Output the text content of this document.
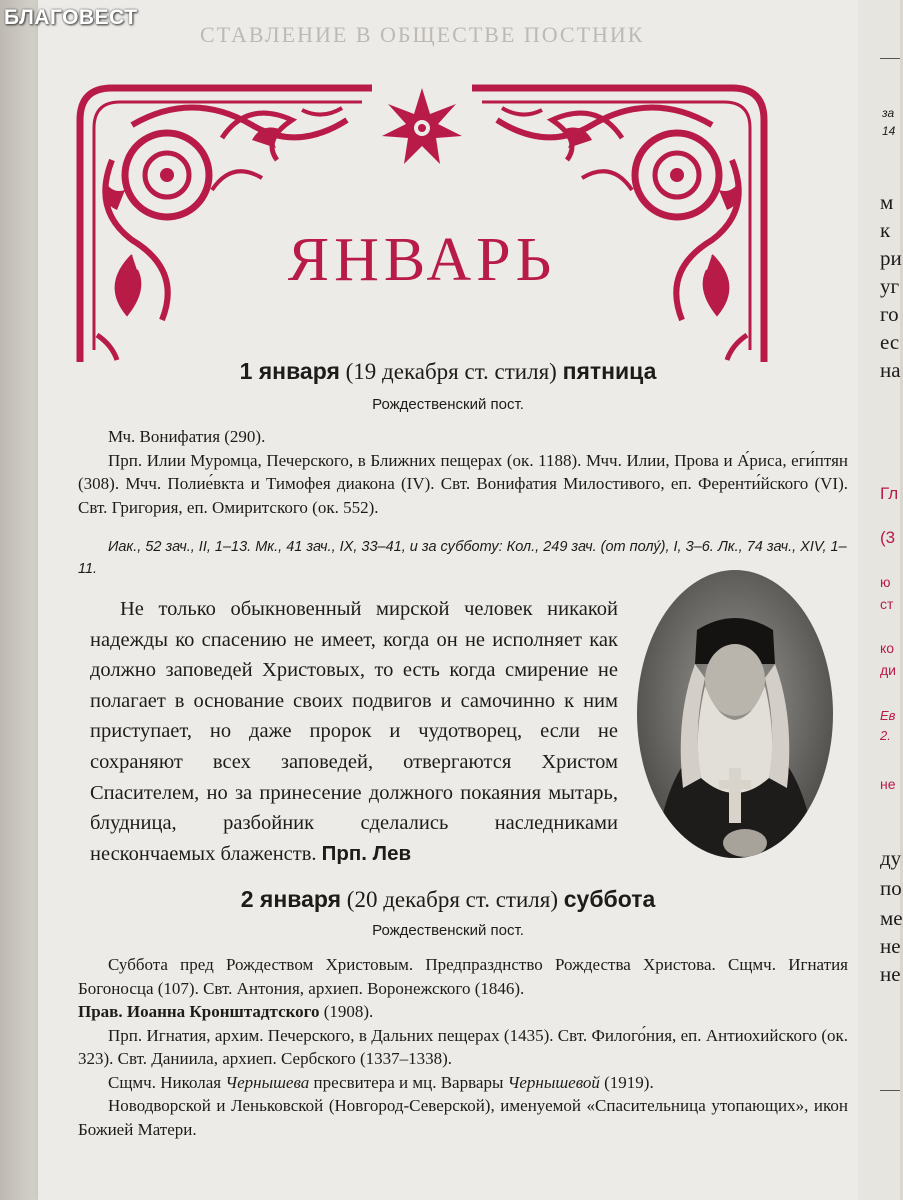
БЛАГОВЕСТ
СТАВЛЕНИЕ В ОБЩЕСТВЕ ПОСТНИК
ЯНВАРЬ
1 января (19 декабря ст. стиля) пятница
Рождественский пост.

Мч. Вонифатия (290).

Прп. Илии Муромца, Печерского, в Ближних пещерах (ок. 1188). Мчч. Илии, Прова и А́риса, еги́птян (308). Мчч. Полие́вкта и Тимофея диакона (IV). Свт. Вонифатия Милостивого, еп. Ференти́йского (VI). Свт. Григория, еп. Омиритского (ок. 552).

Иак., 52 зач., II, 1–13. Мк., 41 зач., IX, 33–41, и за субботу: Кол., 249 зач. (от полу́), I, 3–6. Лк., 74 зач., XIV, 1–11.

Не только обыкновенный мирской человек никакой надежды ко спасению не имеет, когда он не исполняет как должно заповедей Христовых, то есть когда смирение не полагает в основание своих подвигов и самочинно к ним приступает, но даже пророк и чудотворец, если не сохраняют всех заповедей, отвергаются Христом Спасителем, но за принесение должного покаяния мытарь, блудница, разбойник сделались наследниками нескончаемых блаженств. Прп. Лев
2 января (20 декабря ст. стиля) суббота
Рождественский пост.

Суббота пред Рождеством Христовым. Предпразднство Рождества Христова. Сщмч. Игнатия Богоносца (107). Свт. Антония, архиеп. Воронежского (1846).
Прав. Иоанна Кронштадтского (1908).

Прп. Игнатия, архим. Печерского, в Дальних пещерах (1435). Свт. Филого́ния, еп. Антиохийского (ок. 323). Свт. Даниила, архиеп. Сербского (1337–1338).

Сщмч. Николая Чернышева пресвитера и мц. Варвары Чернышевой (1919).

Новодворской и Леньковской (Новгород-Северской), именуемой «Спасительница утопающих», икон Божией Матери.

за
14
м
к
ри
уг
го
ес
на
Гл
(3
ю
ст
ко
ди
Ев
2.
не
ду
по
ме
не
не
